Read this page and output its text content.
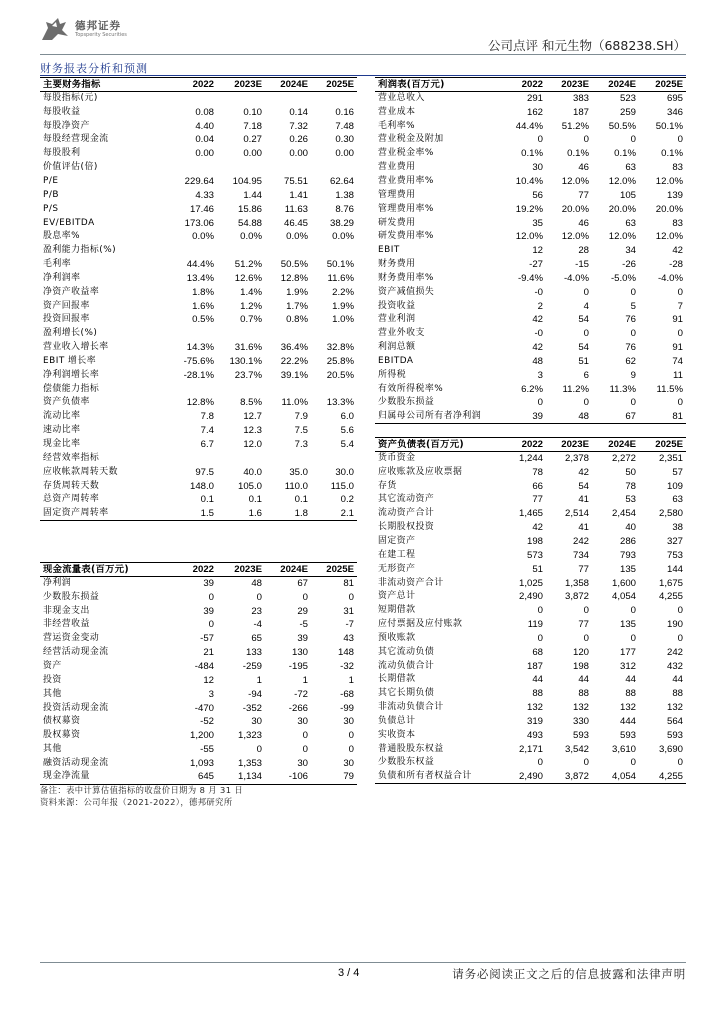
德邦证券
Topsperity Securities
公司点评 和元生物（688238.SH）
财务报表分析和预测
主要财务指标	2022	2023E	2024E	2025E
每股指标(元)				
每股收益	0.08	0.10	0.14	0.16
每股净资产	4.40	7.18	7.32	7.48
每股经营现金流	0.04	0.27	0.26	0.30
每股股利	0.00	0.00	0.00	0.00
价值评估(倍)				
P/E	229.64	104.95	75.51	62.64
P/B	4.33	1.44	1.41	1.38
P/S	17.46	15.86	11.63	8.76
EV/EBITDA	173.06	54.88	46.45	38.29
股息率%	0.0%	0.0%	0.0%	0.0%
盈利能力指标(%)				
毛利率	44.4%	51.2%	50.5%	50.1%
净利润率	13.4%	12.6%	12.8%	11.6%
净资产收益率	1.8%	1.4%	1.9%	2.2%
资产回报率	1.6%	1.2%	1.7%	1.9%
投资回报率	0.5%	0.7%	0.8%	1.0%
盈利增长(%)				
营业收入增长率	14.3%	31.6%	36.4%	32.8%
EBIT 增长率	-75.6%	130.1%	22.2%	25.8%
净利润增长率	-28.1%	23.7%	39.1%	20.5%
偿债能力指标				
资产负债率	12.8%	8.5%	11.0%	13.3%
流动比率	7.8	12.7	7.9	6.0
速动比率	7.4	12.3	7.5	5.6
现金比率	6.7	12.0	7.3	5.4
经营效率指标				
应收帐款周转天数	97.5	40.0	35.0	30.0
存货周转天数	148.0	105.0	110.0	115.0
总资产周转率	0.1	0.1	0.1	0.2
固定资产周转率	1.5	1.6	1.8	2.1
利润表(百万元)	2022	2023E	2024E	2025E
营业总收入	291	383	523	695
营业成本	162	187	259	346
毛利率%	44.4%	51.2%	50.5%	50.1%
营业税金及附加	0	0	0	0
营业税金率%	0.1%	0.1%	0.1%	0.1%
营业费用	30	46	63	83
营业费用率%	10.4%	12.0%	12.0%	12.0%
管理费用	56	77	105	139
管理费用率%	19.2%	20.0%	20.0%	20.0%
研发费用	35	46	63	83
研发费用率%	12.0%	12.0%	12.0%	12.0%
EBIT	12	28	34	42
财务费用	-27	-15	-26	-28
财务费用率%	-9.4%	-4.0%	-5.0%	-4.0%
资产减值损失	-0	0	0	0
投资收益	2	4	5	7
营业利润	42	54	76	91
营业外收支	-0	0	0	0
利润总额	42	54	76	91
EBITDA	48	51	62	74
所得税	3	6	9	11
有效所得税率%	6.2%	11.2%	11.3%	11.5%
少数股东损益	0	0	0	0
归属母公司所有者净利润	39	48	67	81
资产负债表(百万元)	2022	2023E	2024E	2025E
货币资金	1,244	2,378	2,272	2,351
应收账款及应收票据	78	42	50	57
存货	66	54	78	109
其它流动资产	77	41	53	63
流动资产合计	1,465	2,514	2,454	2,580
长期股权投资	42	41	40	38
固定资产	198	242	286	327
在建工程	573	734	793	753
无形资产	51	77	135	144
非流动资产合计	1,025	1,358	1,600	1,675
资产总计	2,490	3,872	4,054	4,255
短期借款	0	0	0	0
应付票据及应付账款	119	77	135	190
预收账款	0	0	0	0
其它流动负债	68	120	177	242
流动负债合计	187	198	312	432
长期借款	44	44	44	44
其它长期负债	88	88	88	88
非流动负债合计	132	132	132	132
负债总计	319	330	444	564
实收资本	493	593	593	593
普通股股东权益	2,171	3,542	3,610	3,690
少数股东权益	0	0	0	0
负债和所有者权益合计	2,490	3,872	4,054	4,255
现金流量表(百万元)	2022	2023E	2024E	2025E
净利润	39	48	67	81
少数股东损益	0	0	0	0
非现金支出	39	23	29	31
非经营收益	0	-4	-5	-7
营运资金变动	-57	65	39	43
经营活动现金流	21	133	130	148
资产	-484	-259	-195	-32
投资	12	1	1	1
其他	3	-94	-72	-68
投资活动现金流	-470	-352	-266	-99
债权募资	-52	30	30	30
股权募资	1,200	1,323	0	0
其他	-55	0	0	0
融资活动现金流	1,093	1,353	30	30
现金净流量	645	1,134	-106	79
备注：表中计算估值指标的收盘价日期为 8 月 31 日
资料来源：公司年报（2021-2022），德邦研究所
3 / 4	请务必阅读正文之后的信息披露和法律声明
